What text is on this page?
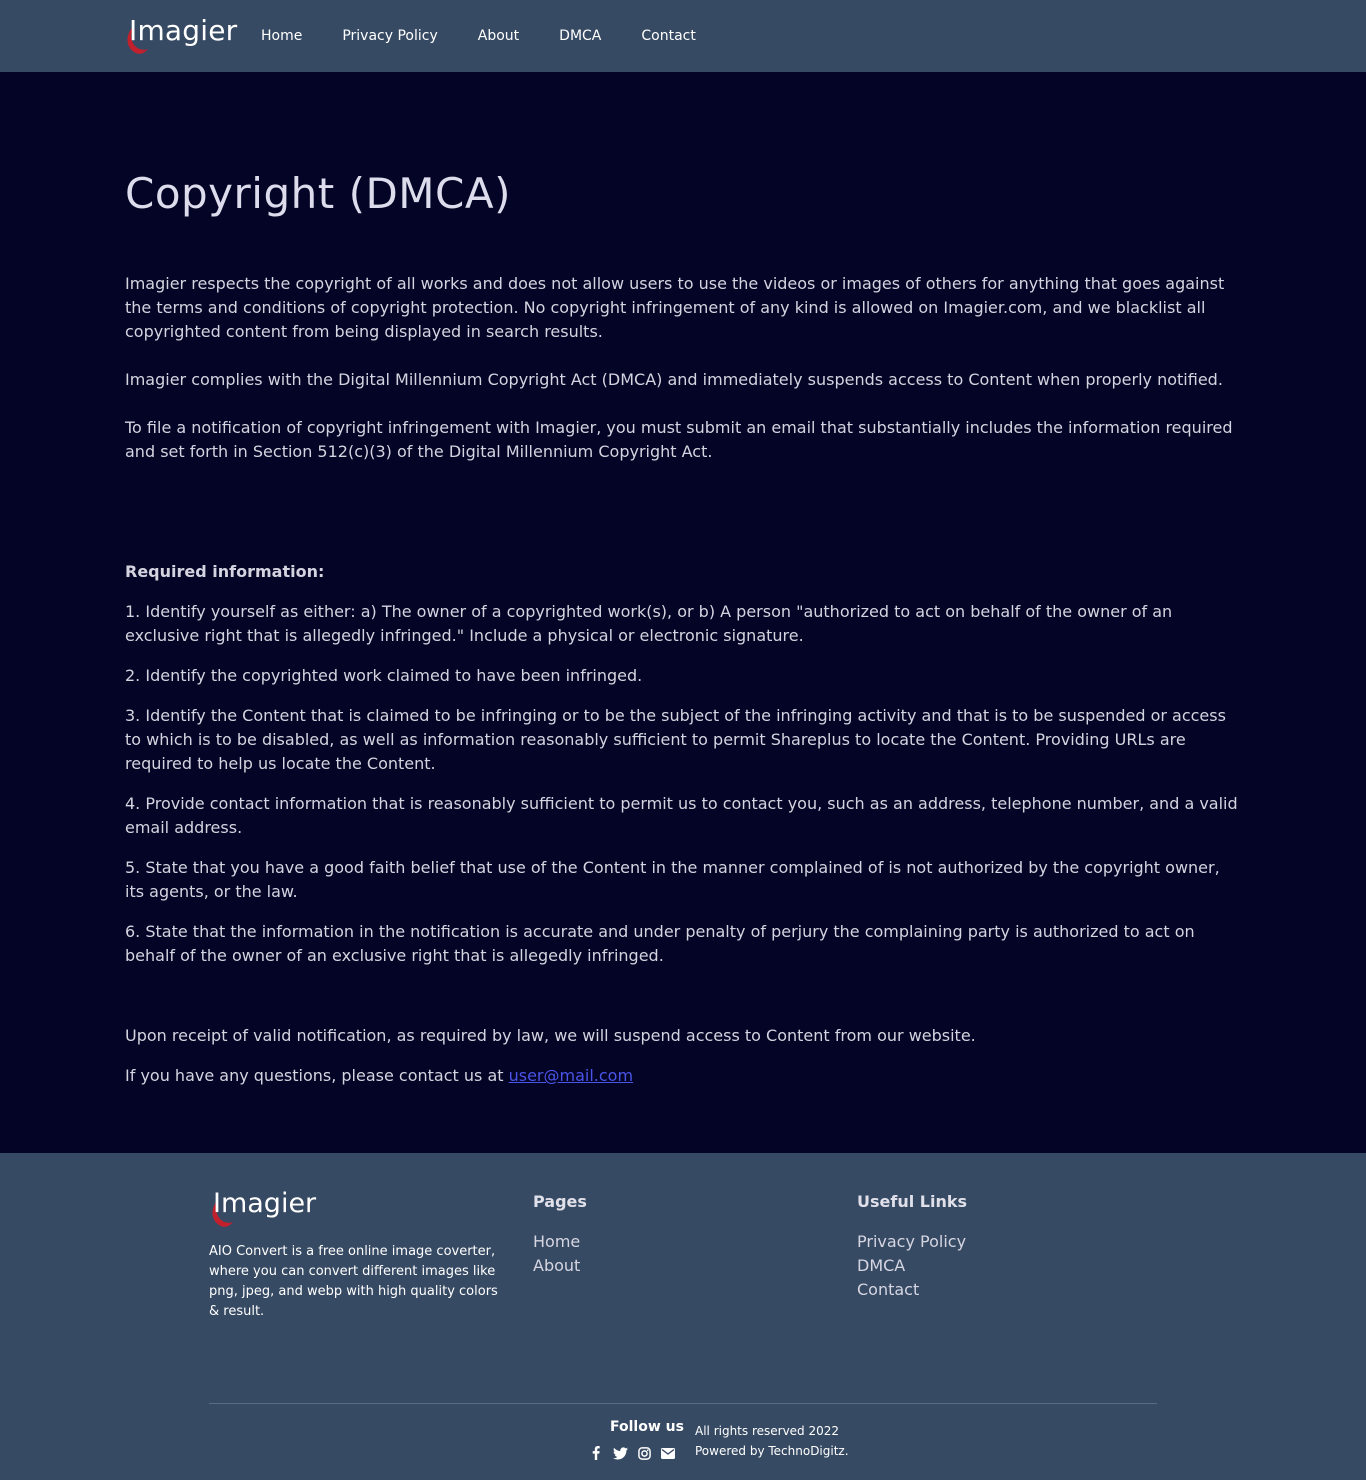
Imagier Home	Privacy Policy	About	DMCA	Contact
Copyright (DMCA)

Imagier respects the copyright of all works and does not allow users to use the videos or images of others for anything that goes against the terms and conditions of copyright protection. No copyright infringement of any kind is allowed on Imagier.com, and we blacklist all copyrighted content from being displayed in search results.

Imagier complies with the Digital Millennium Copyright Act (DMCA) and immediately suspends access to Content when properly notified.

To file a notification of copyright infringement with Imagier, you must submit an email that substantially includes the information required and set forth in Section 512(c)(3) of the Digital Millennium Copyright Act.

Required information:

1. Identify yourself as either: a) The owner of a copyrighted work(s), or b) A person "authorized to act on behalf of the owner of an exclusive right that is allegedly infringed." Include a physical or electronic signature.

2. Identify the copyrighted work claimed to have been infringed.

3. Identify the Content that is claimed to be infringing or to be the subject of the infringing activity and that is to be suspended or access to which is to be disabled, as well as information reasonably sufficient to permit Shareplus to locate the Content. Providing URLs are required to help us locate the Content.

4. Provide contact information that is reasonably sufficient to permit us to contact you, such as an address, telephone number, and a valid email address.

5. State that you have a good faith belief that use of the Content in the manner complained of is not authorized by the copyright owner, its agents, or the law.

6. State that the information in the notification is accurate and under penalty of perjury the complaining party is authorized to act on behalf of the owner of an exclusive right that is allegedly infringed.

Upon receipt of valid notification, as required by law, we will suspend access to Content from our website.

If you have any questions, please contact us at user@mail.com

Imagier

AIO Convert is a free online image coverter, where you can convert different images like png, jpeg, and webp with high quality colors & result.

Pages
Home
About
Useful Links
Privacy Policy
DMCA
Contact

Follow us All rights reserved 2022
Powered by TechnoDigitz.
